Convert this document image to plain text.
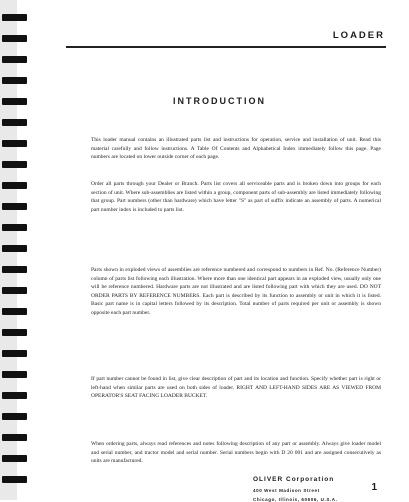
LOADER
INTRODUCTION

This loader manual contains an illustrated parts list and instructions for operation, service and installation of unit. Read this material carefully and follow instructions. A Table Of Contents and Alphabetical Index immediately follow this page. Page numbers are located on lower outside corner of each page.

Order all parts through your Dealer or Branch. Parts list covers all serviceable parts and is broken down into groups for each section of unit. Where sub-assemblies are listed within a group, component parts of sub-assembly are listed immediately following that group. Part numbers (other than hardware) which have letter "S" as part of suffix indicate an assembly of parts. A numerical part number index is included to parts list.

Parts shown in exploded views of assemblies are reference numbered and correspond to numbers in Ref. No. (Reference Number) column of parts list following each illustration. Where more than one identical part appears in an exploded view, usually only one will be reference numbered. Hardware parts are not illustrated and are listed following part with which they are used. DO NOT ORDER PARTS BY REFERENCE NUMBERS. Each part is described by its function to assembly or unit in which it is listed. Basic part name is in capital letters followed by its description. Total number of parts required per unit or assembly is shown opposite each part number.

If part number cannot be found in list, give clear description of part and its location and function. Specify whether part is right or left-hand when similar parts are used on both sides of loader. RIGHT AND LEFT-HAND SIDES ARE AS VIEWED FROM OPERATOR'S SEAT FACING LOADER BUCKET.

When ordering parts, always read references and notes following description of any part or assembly. Always give loader model and serial number, and tractor model and serial number. Serial numbers begin with D 20 001 and are assigned consecutively as units are manufactured.

OLIVER Corporation
400 West Madison Street
Chicago, Illinois, 60606, U.S.A.
1
